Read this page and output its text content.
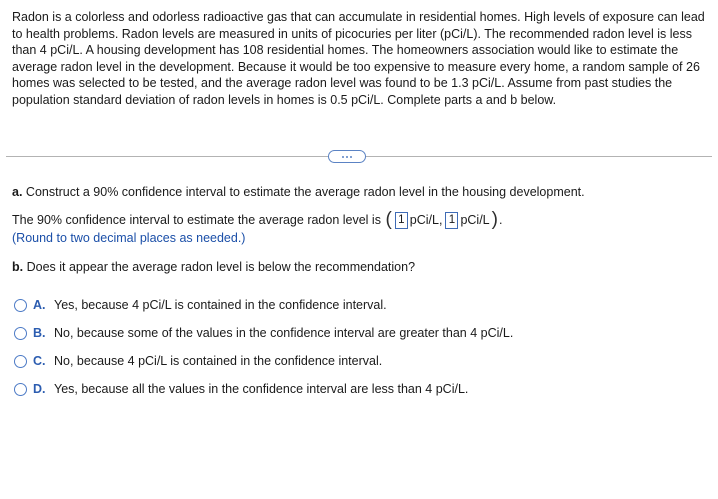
Radon is a colorless and odorless radioactive gas that can accumulate in residential homes. High levels of exposure can lead to health problems. Radon levels are measured in units of picocuries per liter (pCi/L). The recommended radon level is less than 4 pCi/L. A housing development has 108 residential homes. The homeowners association would like to estimate the average radon level in the development. Because it would be too expensive to measure every home, a random sample of 26 homes was selected to be tested, and the average radon level was found to be 1.3 pCi/L. Assume from past studies the population standard deviation of radon levels in homes is 0.5 pCi/L. Complete parts a and b below.

a. Construct a 90% confidence interval to estimate the average radon level in the housing development.
The 90% confidence interval to estimate the average radon level is
( 1 pCi/L, 1 pCi/L ) .
(Round to two decimal places as needed.)
b. Does it appear the average radon level is below the recommendation?
A. Yes, because 4 pCi/L is contained in the confidence interval.
B. No, because some of the values in the confidence interval are greater than 4 pCi/L.
C. No, because 4 pCi/L is contained in the confidence interval.
D. Yes, because all the values in the confidence interval are less than 4 pCi/L.
